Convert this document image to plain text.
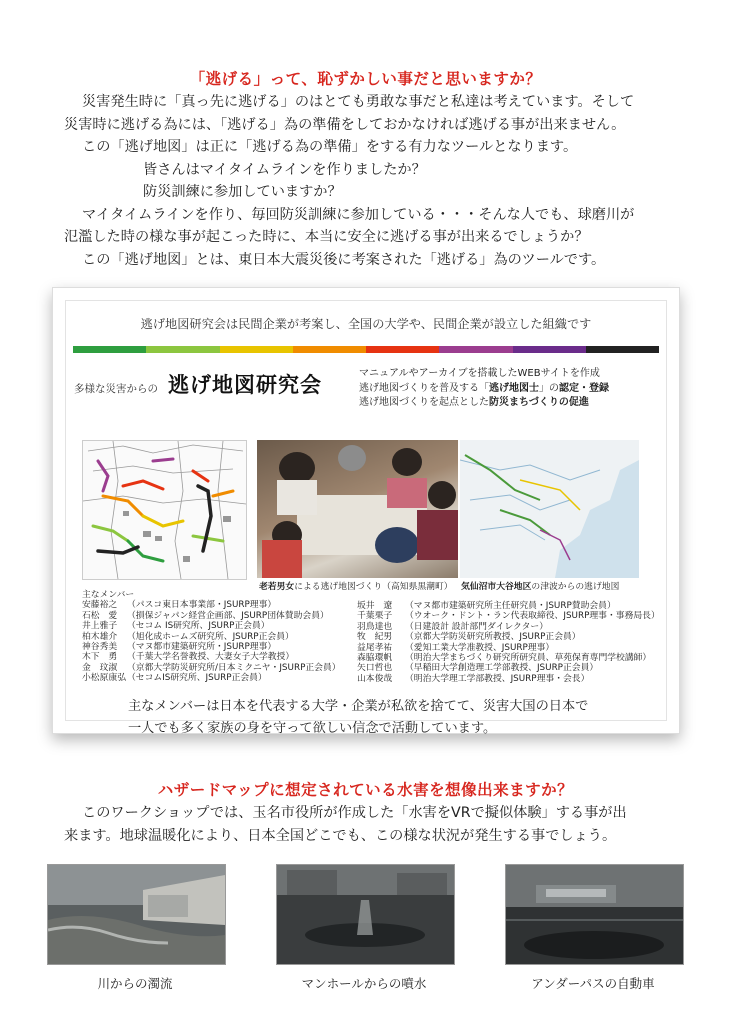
「逃げる」って、恥ずかしい事だと思いますか？
災害発生時に「真っ先に逃げる」のはとても勇敢な事だと私達は考えています。そして
災害時に逃げる為には、「逃げる」為の準備をしておかなければ逃げる事が出来ません。
この「逃げ地図」は正に「逃げる為の準備」をする有力なツールとなります。
皆さんはマイタイムラインを作りましたか？
防災訓練に参加していますか？
マイタイムラインを作り、毎回防災訓練に参加している・・・そんな人でも、球磨川が
氾濫した時の様な事が起こった時に、本当に安全に逃げる事が出来るでしょうか？
この「逃げ地図」とは、東日本大震災後に考案された「逃げる」為のツールです。
逃げ地図研究会は民間企業が考案し、全国の大学や、民間企業が設立した組織です
多様な災害からの 逃げ地図研究会	マニュアルやアーカイブを搭載したWEBサイトを作成
逃げ地図づくりを普及する「逃げ地図士」の認定・登録
逃げ地図づくりを起点とした防災まちづくりの促進
老若男女による逃げ地図づくり（高知県黒潮町） 気仙沼市大谷地区の津波からの逃げ地図
主なメンバー
安藤裕之	（パスコ東日本事業部・JSURP理事）
石松　愛	（損保ジャパン経営企画部、JSURP団体賛助会員）
井上雅子	（セコム IS研究所、JSURP正会員）
柏木雄介	（旭化成ホームズ研究所、JSURP正会員）
神谷秀美	（マヌ都市建築研究所・JSURP理事）
木下　勇	（千葉大学名誉教授、大妻女子大学教授）
金　玟淑	（京都大学防災研究所/日本ミクニヤ・JSURP正会員）
小松原康弘 （セコムIS研究所、JSURP正会員）
坂井　遼	（マヌ都市建築研究所主任研究員・JSURP賛助会員）
千葉栗子	（ウオーク・ドント・ラン代表取締役、JSURP理事・事務局長）
羽鳥達也	（日建設計 設計部門ダイレクター）
牧　紀男	（京都大学防災研究所教授、JSURP正会員）
益尾孝祐	（愛知工業大学准教授、JSURP理事）
森脇環帆	（明治大学まちづくり研究所研究員、草苑保育専門学校講師）
矢口哲也	（早稲田大学創造理工学部教授、JSURP正会員）
山本俊哉	（明治大学理工学部教授、JSURP理事・会長）
主なメンバーは日本を代表する大学・企業が私欲を捨てて、災害大国の日本で
一人でも多く家族の身を守って欲しい信念で活動しています。
ハザードマップに想定されている水害を想像出来ますか？
このワークショップでは、玉名市役所が作成した「水害をVRで擬似体験」する事が出
来ます。地球温暖化により、日本全国どこでも、この様な状況が発生する事でしょう。
川からの濁流	マンホールからの噴水	アンダーパスの自動車
